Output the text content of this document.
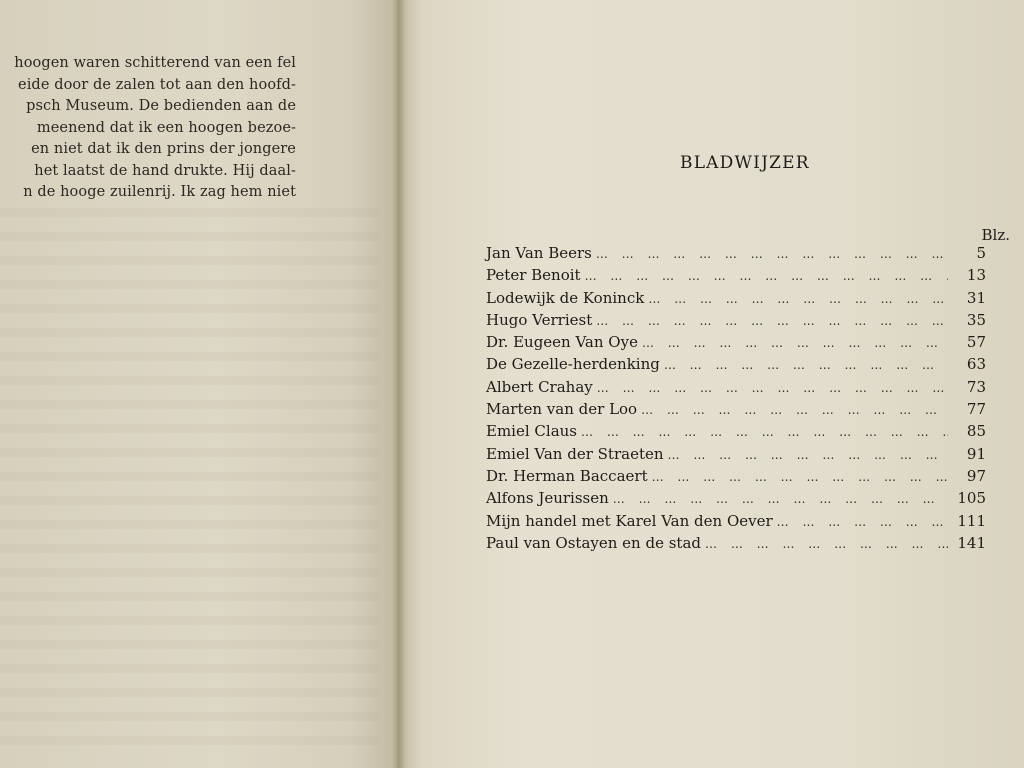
hoogen waren schitterend van een fel
eide door de zalen tot aan den hoofd-
psch Museum. De bedienden aan de
meenend dat ik een hoogen bezoe-
en niet dat ik den prins der jongere
het laatst de hand drukte. Hij daal-
n de hooge zuilenrij. Ik zag hem niet
BLADWIJZER
Blz.
Jan Van Beers … … … … … … … … … … … … … … … … … … … …	5
Peter Benoit … … … … … … … … … … … … … … … … … … … …	13
Lodewijk de Koninck … … … … … … … … … … … … … … … … … … … …	31
Hugo Verriest … … … … … … … … … … … … … … … … … … … …	35
Dr. Eugeen Van Oye … … … … … … … … … … … … … … … … … … … …	57
De Gezelle-herdenking … … … … … … … … … … … … … … … … … … … …	63
Albert Crahay … … … … … … … … … … … … … … … … … … … …	73
Marten van der Loo … … … … … … … … … … … … … … … … … … … …	77
Emiel Claus … … … … … … … … … … … … … … … … … … … …	85
Emiel Van der Straeten … … … … … … … … … … … … … … … … … … … …	91
Dr. Herman Baccaert … … … … … … … … … … … … … … … … … … … …	97
Alfons Jeurissen … … … … … … … … … … … … … … … … … … … …	105
Mijn handel met Karel Van den Oever … … … … … … … … … … … … … … … … … … … …	111
Paul van Ostayen en de stad … … … … … … … … … … … … … … … … … … … …	141
